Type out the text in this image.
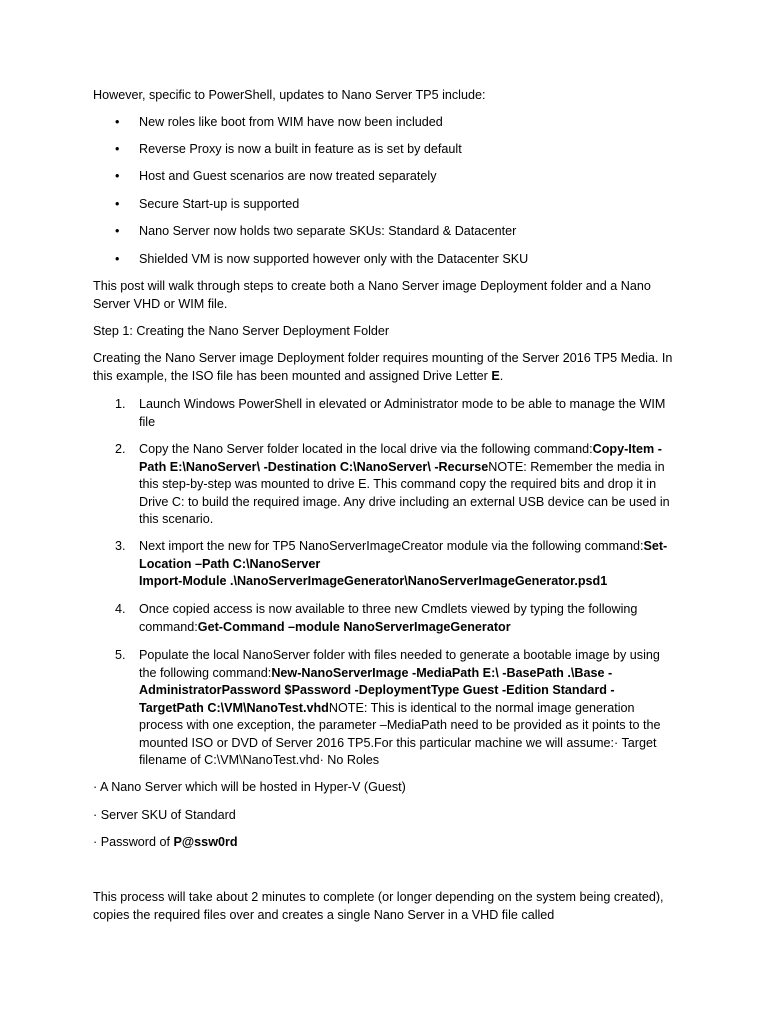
However, specific to PowerShell, updates to Nano Server TP5 include:

• New roles like boot from WIM have now been included
• Reverse Proxy is now a built in feature as is set by default
• Host and Guest scenarios are now treated separately
• Secure Start-up is supported
• Nano Server now holds two separate SKUs: Standard & Datacenter
• Shielded VM is now supported however only with the Datacenter SKU

This post will walk through steps to create both a Nano Server image Deployment folder and a Nano Server VHD or WIM file.

Step 1: Creating the Nano Server Deployment Folder

Creating the Nano Server image Deployment folder requires mounting of the Server 2016 TP5 Media. In this example, the ISO file has been mounted and assigned Drive Letter E.

1.	Launch Windows PowerShell in elevated or Administrator mode to be able to manage the WIM file
2.	Copy the Nano Server folder located in the local drive via the following command:Copy-Item -Path E:\NanoServer\ -Destination C:\NanoServer\ -RecurseNOTE: Remember the media in this step-by-step was mounted to drive E. This command copy the required bits and drop it in Drive C: to build the required image. Any drive including an external USB device can be used in this scenario.
3.	Next import the new for TP5 NanoServerImageCreator module via the following command:Set-Location –Path C:\NanoServer
Import-Module .\NanoServerImageGenerator\NanoServerImageGenerator.psd1
4.	Once copied access is now available to three new Cmdlets viewed by typing the following command:Get-Command –module NanoServerImageGenerator
5.	Populate the local NanoServer folder with files needed to generate a bootable image by using the following command:New-NanoServerImage -MediaPath E:\ -BasePath .\Base -AdministratorPassword $Password -DeploymentType Guest -Edition Standard -TargetPath C:\VM\NanoTest.vhdNOTE: This is identical to the normal image generation process with one exception, the parameter –MediaPath need to be provided as it points to the mounted ISO or DVD of Server 2016 TP5.For this particular machine we will assume:· Target filename of C:\VM\NanoTest.vhd· No Roles

· A Nano Server which will be hosted in Hyper-V (Guest)

· Server SKU of Standard

· Password of P@ssw0rd

This process will take about 2 minutes to complete (or longer depending on the system being created), copies the required files over and creates a single Nano Server in a VHD file called
